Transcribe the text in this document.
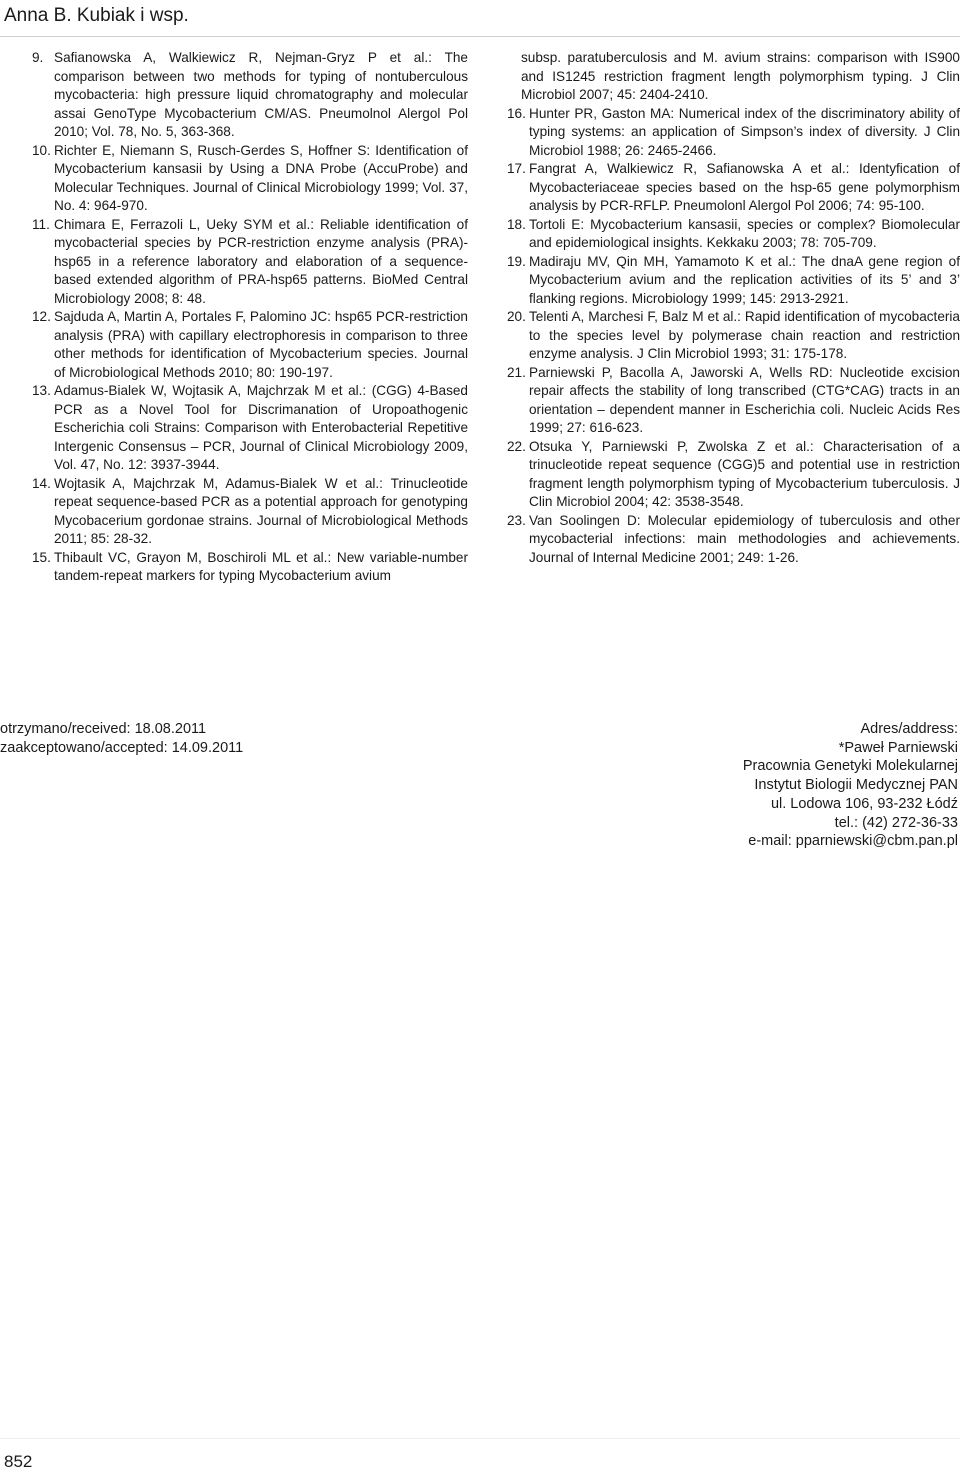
Anna B. Kubiak i wsp.

9. Safianowska A, Walkiewicz R, Nejman-Gryz P et al.: The comparison between two methods for typing of nontuberculous mycobacteria: high pressure liquid chromatography and molecular assai GenoType Mycobacterium CM/AS. Pneumolnol Alergol Pol 2010; Vol. 78, No. 5, 363-368.

10. Richter E, Niemann S, Rusch-Gerdes S, Hoffner S: Identification of Mycobacterium kansasii by Using a DNA Probe (AccuProbe) and Molecular Techniques. Journal of Clinical Microbiology 1999; Vol. 37, No. 4: 964-970.

11. Chimara E, Ferrazoli L, Ueky SYM et al.: Reliable identification of mycobacterial species by PCR-restriction enzyme analysis (PRA)-hsp65 in a reference laboratory and elaboration of a sequence-based extended algorithm of PRA-hsp65 patterns. BioMed Central Microbiology 2008; 8: 48.

12. Sajduda A, Martin A, Portales F, Palomino JC: hsp65 PCR-restriction analysis (PRA) with capillary electrophoresis in comparison to three other methods for identification of Mycobacterium species. Journal of Microbiological Methods 2010; 80: 190-197.

13. Adamus-Bialek W, Wojtasik A, Majchrzak M et al.: (CGG) 4-Based PCR as a Novel Tool for Discrimanation of Uropoathogenic Escherichia coli Strains: Comparison with Enterobacterial Repetitive Intergenic Consensus – PCR, Journal of Clinical Microbiology 2009, Vol. 47, No. 12: 3937-3944.

14. Wojtasik A, Majchrzak M, Adamus-Bialek W et al.: Trinucleotide repeat sequence-based PCR as a potential approach for genotyping Mycobacerium gordonae strains. Journal of Microbiological Methods 2011; 85: 28-32.

15. Thibault VC, Grayon M, Boschiroli ML et al.: New variable-number tandem-repeat markers for typing Mycobacterium avium

subsp. paratuberculosis and M. avium strains: comparison with IS900 and IS1245 restriction fragment length polymorphism typing. J Clin Microbiol 2007; 45: 2404-2410.

16. Hunter PR, Gaston MA: Numerical index of the discriminatory ability of typing systems: an application of Simpson’s index of diversity. J Clin Microbiol 1988; 26: 2465-2466.

17. Fangrat A, Walkiewicz R, Safianowska A et al.: Identyfication of Mycobacteriaceae species based on the hsp-65 gene polymorphism analysis by PCR-RFLP. Pneumolonl Alergol Pol 2006; 74: 95-100.

18. Tortoli E: Mycobacterium kansasii, species or complex? Biomolecular and epidemiological insights. Kekkaku 2003; 78: 705-709.

19. Madiraju MV, Qin MH, Yamamoto K et al.: The dnaA gene region of Mycobacterium avium and the replication activities of its 5’ and 3’ flanking regions. Microbiology 1999; 145: 2913-2921.

20. Telenti A, Marchesi F, Balz M et al.: Rapid identification of mycobacteria to the species level by polymerase chain reaction and restriction enzyme analysis. J Clin Microbiol 1993; 31: 175-178.

21. Parniewski P, Bacolla A, Jaworski A, Wells RD: Nucleotide excision repair affects the stability of long transcribed (CTG*CAG) tracts in an orientation – dependent manner in Escherichia coli. Nucleic Acids Res 1999; 27: 616-623.

22. Otsuka Y, Parniewski P, Zwolska Z et al.: Characterisation of a trinucleotide repeat sequence (CGG)5 and potential use in restriction fragment length polymorphism typing of Mycobacterium tuberculosis. J Clin Microbiol 2004; 42: 3538-3548.

23. Van Soolingen D: Molecular epidemiology of tuberculosis and other mycobacterial infections: main methodologies and achievements. Journal of Internal Medicine 2001; 249: 1-26.

otrzymano/received: 18.08.2011
zaakceptowano/accepted: 14.09.2011
Adres/address:
*Paweł Parniewski
Pracownia Genetyki Molekularnej
Instytut Biologii Medycznej PAN
ul. Lodowa 106, 93-232 Łódź
tel.: (42) 272-36-33
e-mail: pparniewski@cbm.pan.pl
852
